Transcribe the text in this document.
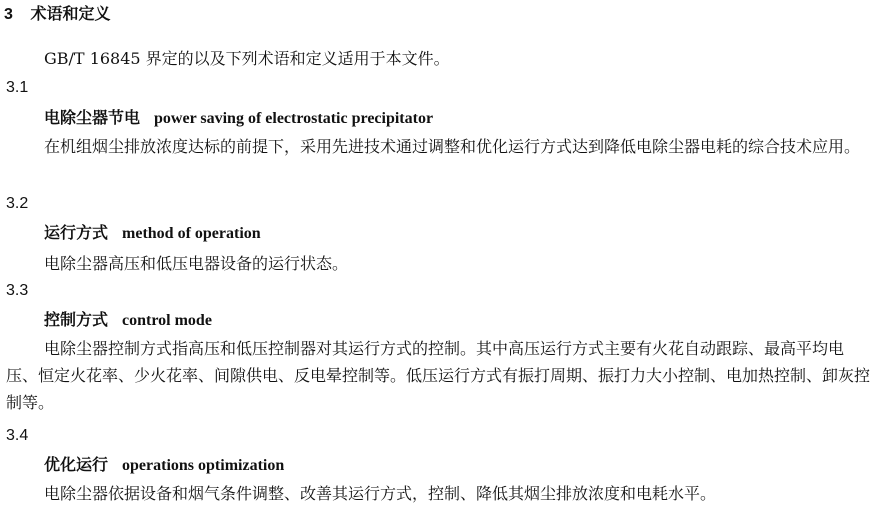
3 术语和定义
GB/T 16845 界定的以及下列术语和定义适用于本文件。
3.1
电除尘器节电 power saving of electrostatic precipitator
在机组烟尘排放浓度达标的前提下，采用先进技术通过调整和优化运行方式达到降低电除尘器电耗的综合技术应用。
3.2
运行方式 method of operation
电除尘器高压和低压电器设备的运行状态。
3.3
控制方式 control mode
电除尘器控制方式指高压和低压控制器对其运行方式的控制。其中高压运行方式主要有火花自动跟踪、最高平均电压、恒定火花率、少火花率、间隙供电、反电晕控制等。低压运行方式有振打周期、振打力大小控制、电加热控制、卸灰控制等。
3.4
优化运行 operations optimization
电除尘器依据设备和烟气条件调整、改善其运行方式，控制、降低其烟尘排放浓度和电耗水平。
